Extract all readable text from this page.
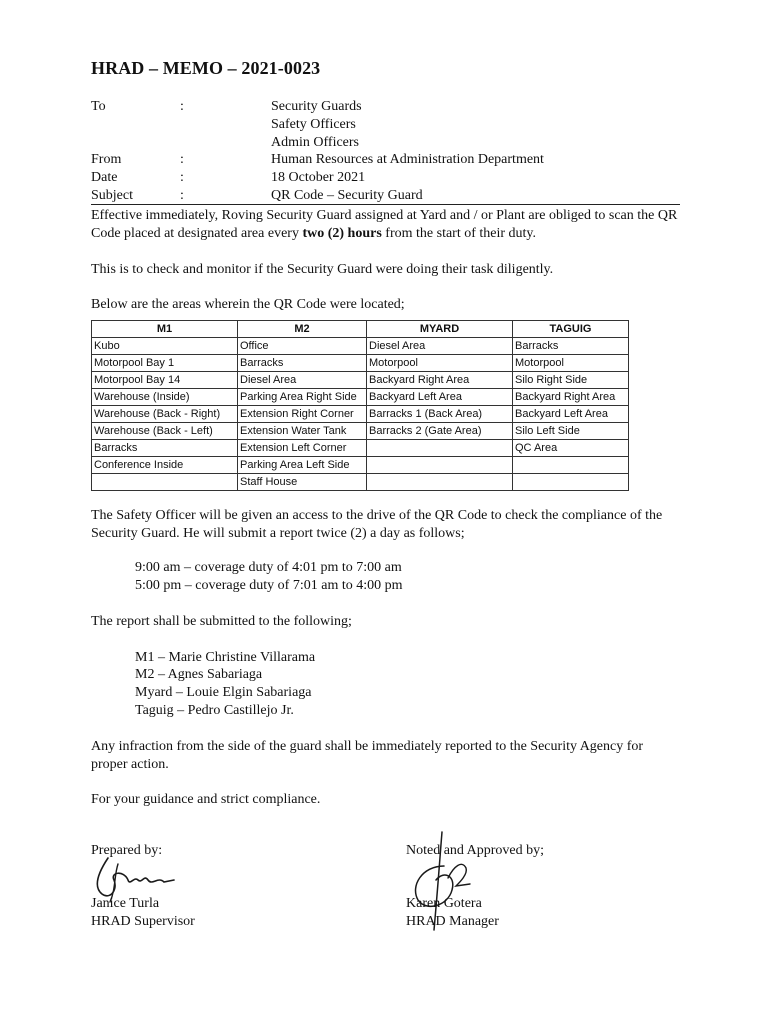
HRAD – MEMO – 2021-0023
To	:	Security Guards
Safety Officers
Admin Officers
From	:	Human Resources at Administration Department
Date	:	18 October 2021
Subject	:	QR Code – Security Guard
Effective immediately, Roving Security Guard assigned at Yard and / or Plant are obliged to scan the QR Code placed at designated area every two (2) hours from the start of their duty.
This is to check and monitor if the Security Guard were doing their task diligently.
Below are the areas wherein the QR Code were located;
M1	M2	MYARD	TAGUIG
Kubo	Office	Diesel Area	Barracks
Motorpool Bay 1	Barracks	Motorpool	Motorpool
Motorpool Bay 14	Diesel Area	Backyard Right Area	Silo Right Side
Warehouse (Inside)	Parking Area Right Side	Backyard Left Area	Backyard Right Area
Warehouse (Back - Right)	Extension Right Corner	Barracks 1 (Back Area)	Backyard Left Area
Warehouse (Back - Left)	Extension Water Tank	Barracks 2 (Gate Area)	Silo Left Side
Barracks	Extension Left Corner		QC Area
Conference Inside	Parking Area Left Side		
	Staff House		
The Safety Officer will be given an access to the drive of the QR Code to check the compliance of the Security Guard. He will submit a report twice (2) a day as follows;
9:00 am – coverage duty of 4:01 pm to 7:00 am
5:00 pm – coverage duty of 7:01 am to 4:00 pm
The report shall be submitted to the following;
M1 – Marie Christine Villarama
M2 – Agnes Sabariaga
Myard – Louie Elgin Sabariaga
Taguig – Pedro Castillejo Jr.
Any infraction from the side of the guard shall be immediately reported to the Security Agency for proper action.
For your guidance and strict compliance.
Prepared by:
Janice Turla
HRAD Supervisor
Noted and Approved by;
Karen Gotera
HRAD Manager
